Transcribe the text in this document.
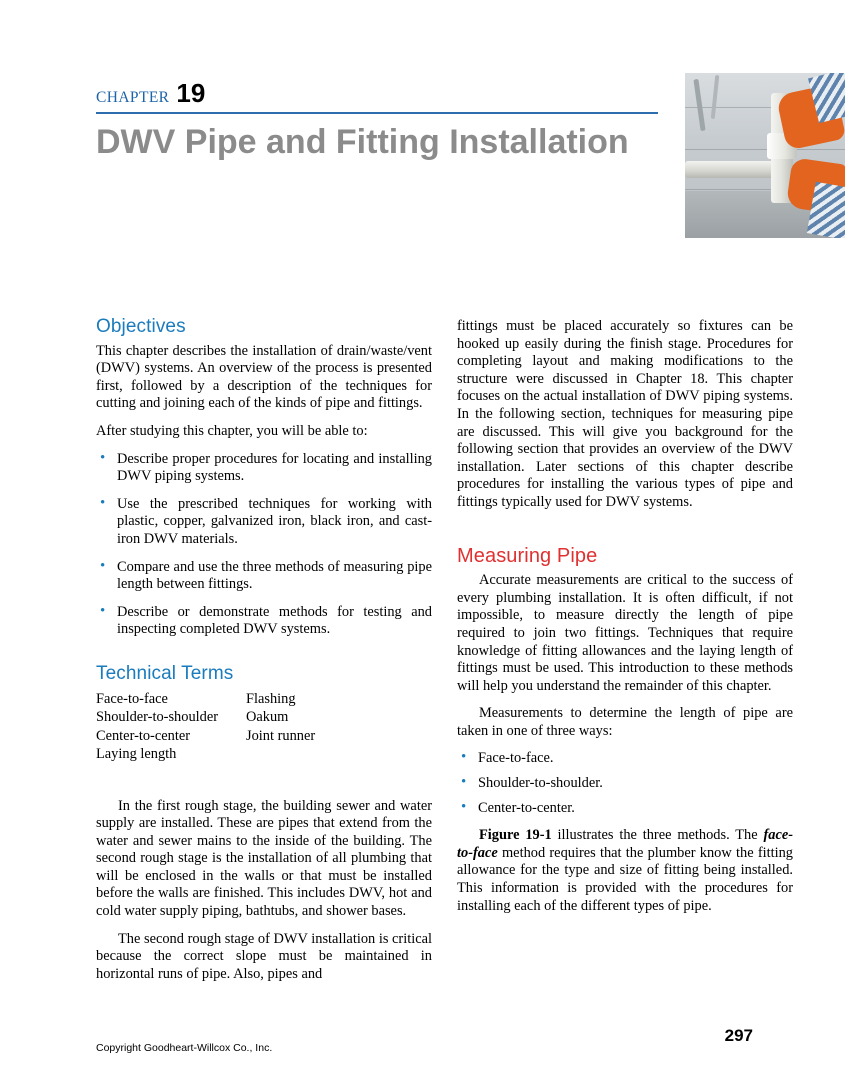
CHAPTER 19
DWV Pipe and Fitting Installation
Objectives

This chapter describes the installation of drain/waste/vent (DWV) systems. An overview of the process is presented first, followed by a description of the techniques for cutting and joining each of the kinds of pipe and fittings.

After studying this chapter, you will be able to:

• Describe proper procedures for locating and installing DWV piping systems.
• Use the prescribed techniques for working with plastic, copper, galvanized iron, black iron, and cast-iron DWV materials.
• Compare and use the three methods of measuring pipe length between fittings.
• Describe or demonstrate methods for testing and inspecting completed DWV systems.
Technical Terms
Face-to-face	Flashing
Shoulder-to-shoulder	Oakum
Center-to-center	Joint runner
Laying length

In the first rough stage, the building sewer and water supply are installed. These are pipes that extend from the water and sewer mains to the inside of the building. The second rough stage is the installation of all plumbing that will be enclosed in the walls or that must be installed before the walls are finished. This includes DWV, hot and cold water supply piping, bathtubs, and shower bases.

The second rough stage of DWV installation is critical because the correct slope must be maintained in horizontal runs of pipe. Also, pipes and

fittings must be placed accurately so fixtures can be hooked up easily during the finish stage. Procedures for completing layout and making modifications to the structure were discussed in Chapter 18. This chapter focuses on the actual installation of DWV piping systems. In the following section, techniques for measuring pipe are discussed. This will give you background for the following section that provides an overview of the DWV installation. Later sections of this chapter describe procedures for installing the various types of pipe and fittings typically used for DWV systems.

Measuring Pipe

Accurate measurements are critical to the success of every plumbing installation. It is often difficult, if not impossible, to measure directly the length of pipe required to join two fittings. Techniques that require knowledge of fitting allowances and the laying length of fittings must be used. This introduction to these methods will help you understand the remainder of this chapter.

Measurements to determine the length of pipe are taken in one of three ways:

• Face-to-face.
• Shoulder-to-shoulder.
• Center-to-center.

Figure 19-1 illustrates the three methods. The face-to-face method requires that the plumber know the fitting allowance for the type and size of fitting being installed. This information is provided with the procedures for installing each of the different types of pipe.

Copyright Goodheart-Willcox Co., Inc.
297
